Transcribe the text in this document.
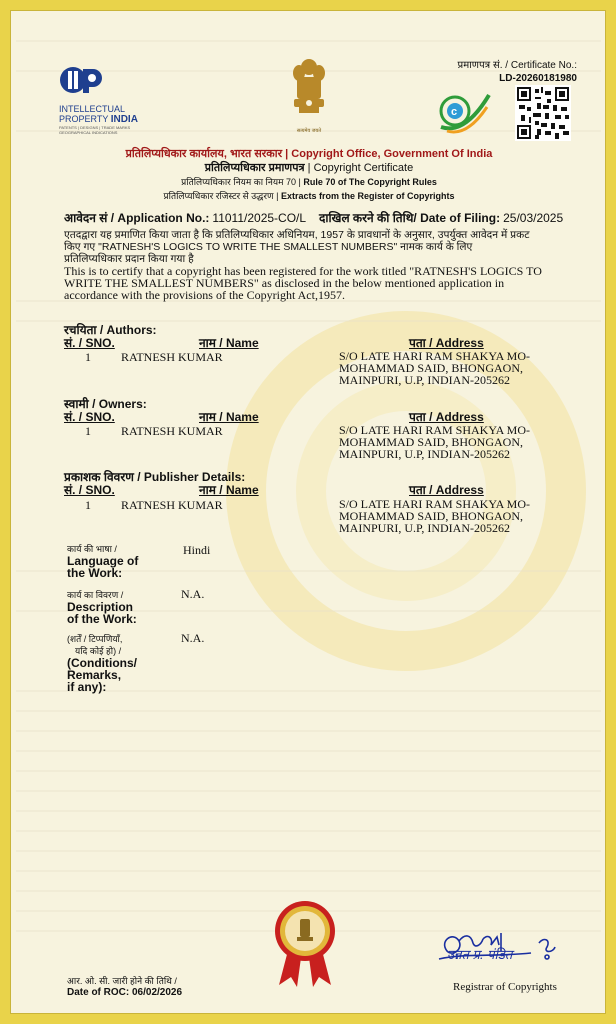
INTELLECTUAL
PROPERTY INDIA
PATENTS | DESIGNS | TRADE MARKS
GEOGRAPHICAL INDICATIONS	सत्यमेव जयते
प्रमाणपत्र सं. / Certificate No.:
LD-20260181980
c
प्रतिलिप्यधिकार कार्यालय, भारत सरकार | Copyright Office, Government Of India
प्रतिलिप्यधिकार प्रमाणपत्र | Copyright Certificate
प्रतिलिप्यधिकार नियम का नियम 70 | Rule 70 of The Copyright Rules
प्रतिलिप्यधिकार रजिस्टर से उद्धरण | Extracts from the Register of Copyrights
आवेदन सं / Application No.: 11011/2025-CO/L दाखिल करने की तिथि/ Date of Filing: 25/03/2025
एतदद्वारा यह प्रमाणित किया जाता है कि प्रतिलिप्यधिकार अधिनियम, 1957 के प्रावधानों के अनुसार, उपर्युक्त आवेदन में प्रकट
किए गए "RATNESH'S LOGICS TO WRITE THE SMALLEST NUMBERS" नामक कार्य के लिए
प्रतिलिप्यधिकार प्रदान किया गया है
This is to certify that a copyright has been registered for the work titled "RATNESH'S LOGICS TO
WRITE THE SMALLEST NUMBERS" as disclosed in the below mentioned application in
accordance with the provisions of the Copyright Act,1957.
रचयिता / Authors:
सं. / SNO.	नाम / Name	पता / Address
1	RATNESH KUMAR	S/O LATE HARI RAM SHAKYA MO-
MOHAMMAD SAID, BHONGAON,
MAINPURI, U.P, INDIAN-205262
स्वामी / Owners:
सं. / SNO.	नाम / Name	पता / Address
1	RATNESH KUMAR	S/O LATE HARI RAM SHAKYA MO-
MOHAMMAD SAID, BHONGAON,
MAINPURI, U.P, INDIAN-205262
प्रकाशक विवरण / Publisher Details:
सं. / SNO.	नाम / Name	पता / Address
1	RATNESH KUMAR	S/O LATE HARI RAM SHAKYA MO-
MOHAMMAD SAID, BHONGAON,
MAINPURI, U.P, INDIAN-205262
कार्य की भाषा /
Language of
the Work:
Hindi
कार्य का विवरण /
Description
of the Work:
N.A.
(शर्तें / टिप्पणियाँ,
यदि कोई हो) /
(Conditions/
Remarks,
if any):
N.A.
उन्नत प्र. पंडित
आर. ओ. सी. जारी होने की तिथि /
Date of ROC: 06/02/2026	Registrar of Copyrights
